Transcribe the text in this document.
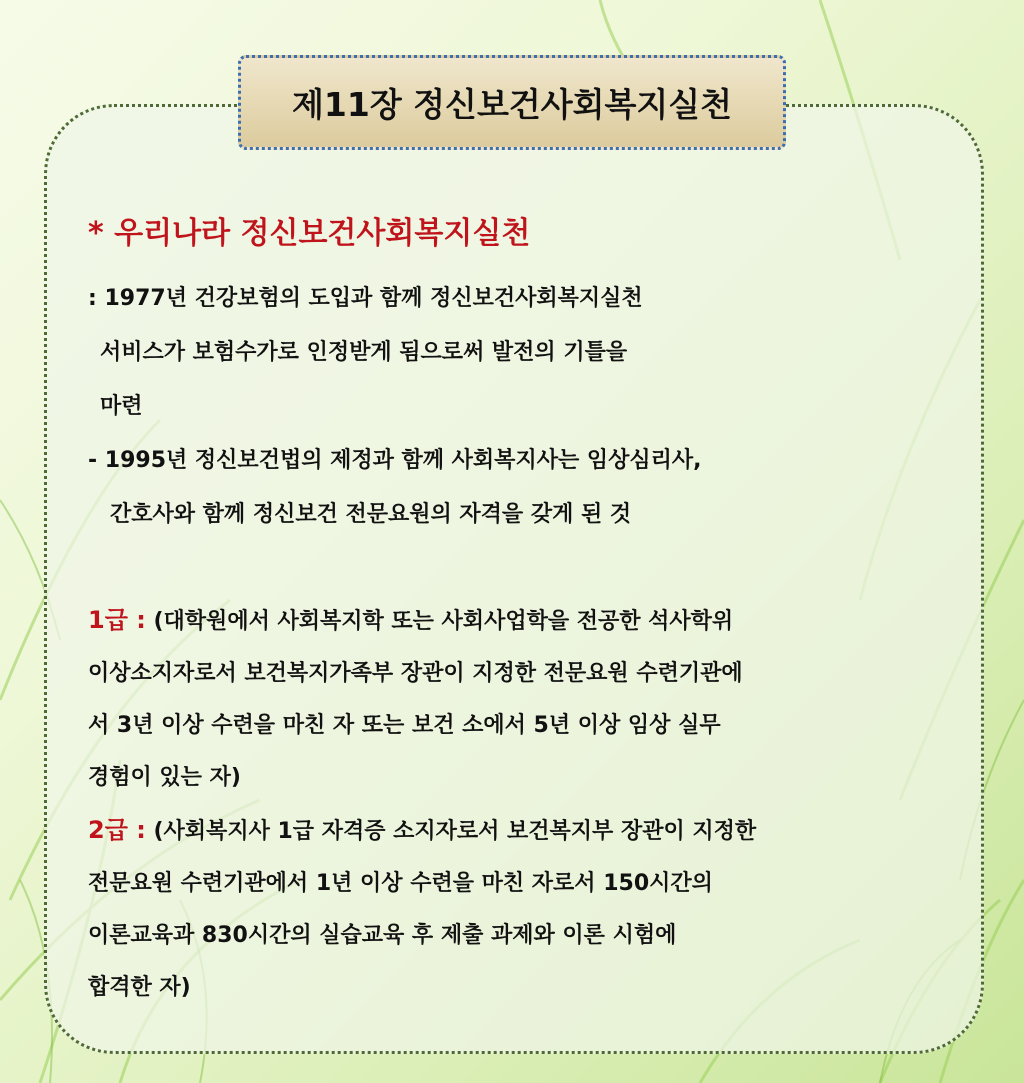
제11장 정신보건사회복지실천

* 우리나라 정신보건사회복지실천

: 1977년 건강보험의 도입과 함께 정신보건사회복지실천

서비스가 보험수가로 인정받게 됨으로써 발전의 기틀을

마련

- 1995년 정신보건법의 제정과 함께 사회복지사는 임상심리사,

간호사와 함께 정신보건 전문요원의 자격을 갖게 된 것

1급 : (대학원에서 사회복지학 또는 사회사업학을 전공한 석사학위

이상소지자로서 보건복지가족부 장관이 지정한 전문요원 수련기관에

서 3년 이상 수련을 마친 자 또는 보건 소에서 5년 이상 임상 실무

경험이 있는 자)

2급 : (사회복지사 1급 자격증 소지자로서 보건복지부 장관이 지정한

전문요원 수련기관에서 1년 이상 수련을 마친 자로서 150시간의

이론교육과 830시간의 실습교육 후 제출 과제와 이론 시험에

합격한 자)
